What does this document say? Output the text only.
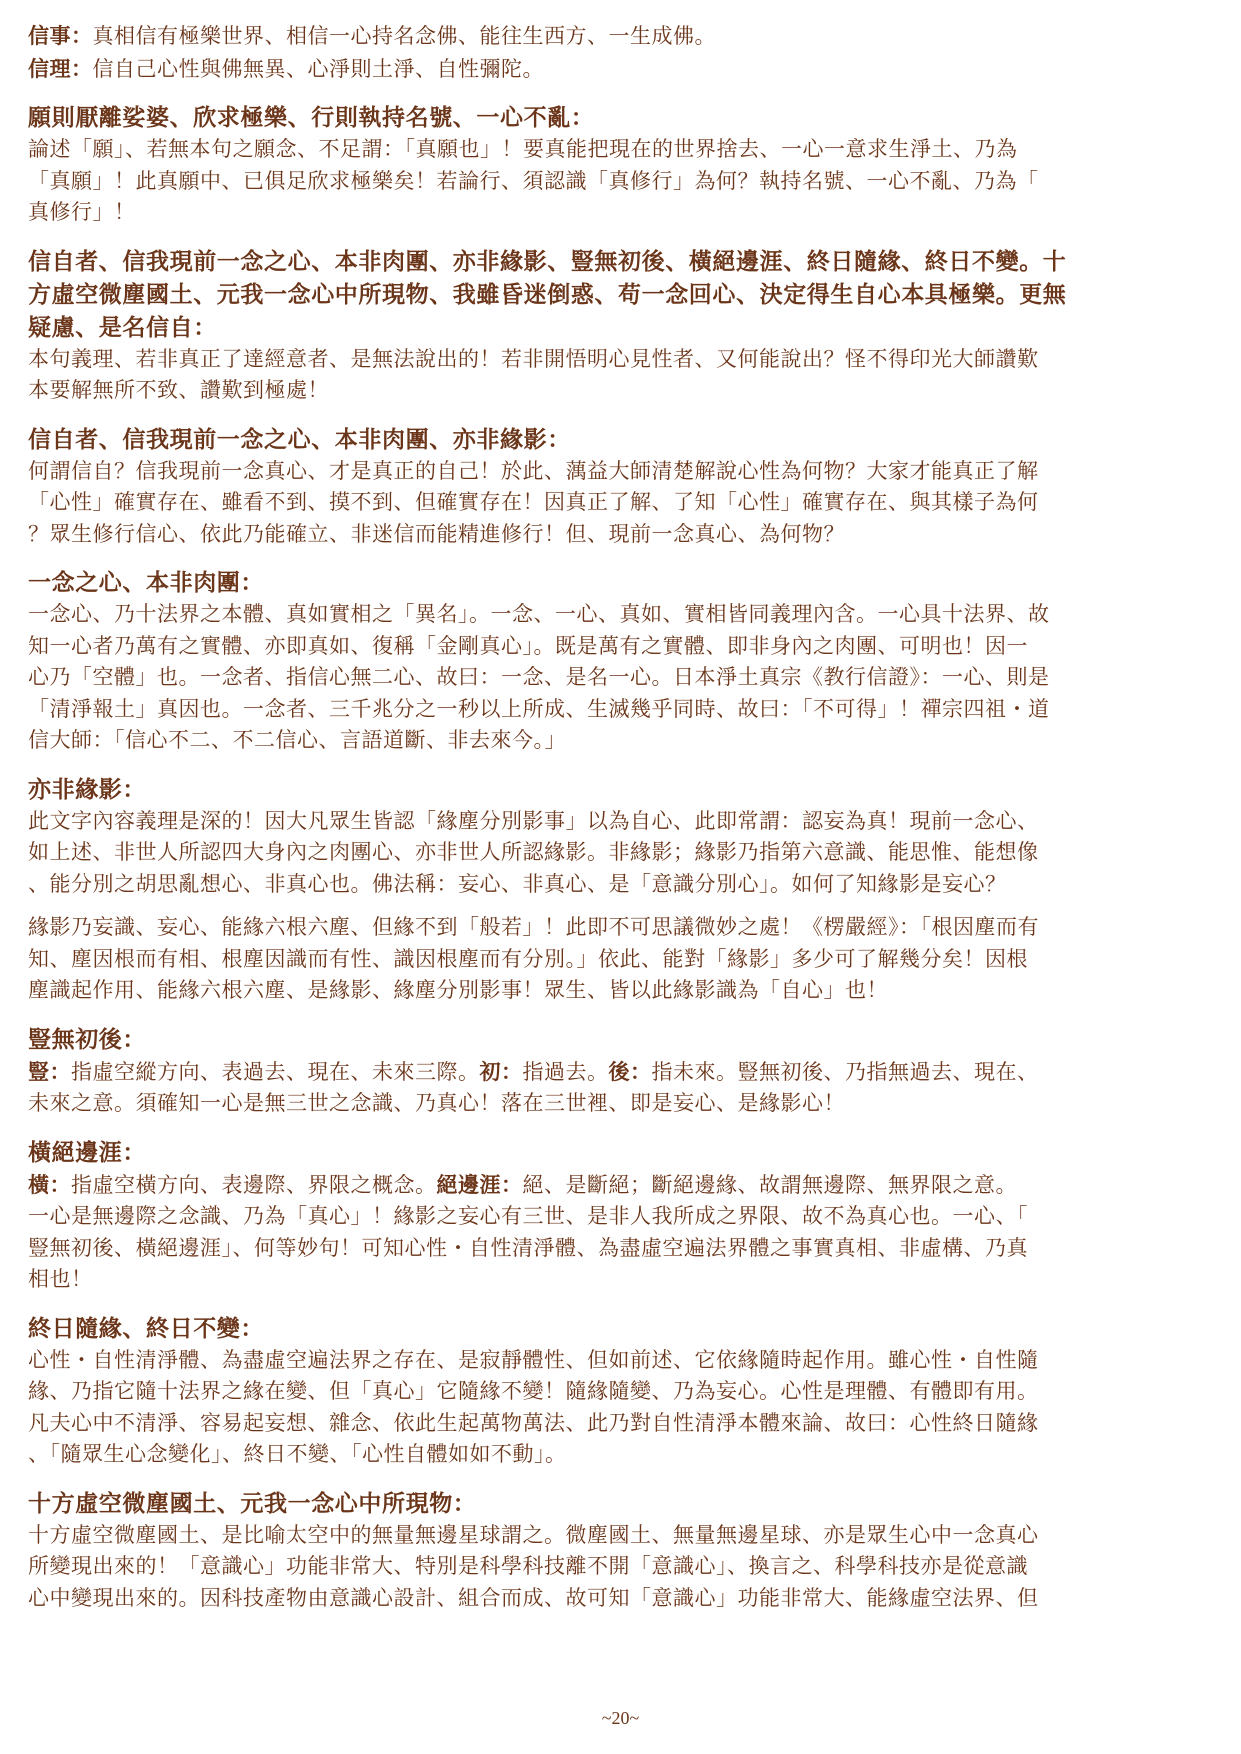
信事：真相信有極樂世界、相信一心持名念佛、能往生西方、一生成佛。
信理：信自己心性與佛無異、心淨則土淨、自性彌陀。
願則厭離娑婆、欣求極樂、行則執持名號、一心不亂：
論述「願」、若無本句之願念、不足謂：「真願也」！要真能把現在的世界捨去、一心一意求生淨土、乃為
「真願」！此真願中、已俱足欣求極樂矣！若論行、須認識「真修行」為何？執持名號、一心不亂、乃為「
真修行」！
信自者、信我現前一念之心、本非肉團、亦非緣影、豎無初後、橫絕邊涯、終日隨緣、終日不變。十
方虛空微塵國土、元我一念心中所現物、我雖昏迷倒惑、苟一念回心、決定得生自心本具極樂。更無
疑慮、是名信自：
本句義理、若非真正了達經意者、是無法說出的！若非開悟明心見性者、又何能說出？怪不得印光大師讚歎
本要解無所不致、讚歎到極處！
信自者、信我現前一念之心、本非肉團、亦非緣影：
何謂信自？信我現前一念真心、才是真正的自己！於此、蕅益大師清楚解說心性為何物？大家才能真正了解
「心性」確實存在、雖看不到、摸不到、但確實存在！因真正了解、了知「心性」確實存在、與其樣子為何
？眾生修行信心、依此乃能確立、非迷信而能精進修行！但、現前一念真心、為何物？
一念之心、本非肉團：
一念心、乃十法界之本體、真如實相之「異名」。一念、一心、真如、實相皆同義理內含。一心具十法界、故
知一心者乃萬有之實體、亦即真如、復稱「金剛真心」。既是萬有之實體、即非身內之肉團、可明也！因一
心乃「空體」也。一念者、指信心無二心、故曰：一念、是名一心。日本淨土真宗《教行信證》：一心、則是
「清淨報土」真因也。一念者、三千兆分之一秒以上所成、生滅幾乎同時、故曰：「不可得」！禪宗四祖・道
信大師：「信心不二、不二信心、言語道斷、非去來今。」
亦非緣影：
此文字內容義理是深的！因大凡眾生皆認「緣塵分別影事」以為自心、此即常謂：認妄為真！現前一念心、
如上述、非世人所認四大身內之肉團心、亦非世人所認緣影。非緣影；緣影乃指第六意識、能思惟、能想像
、能分別之胡思亂想心、非真心也。佛法稱：妄心、非真心、是「意識分別心」。如何了知緣影是妄心？
緣影乃妄識、妄心、能緣六根六塵、但緣不到「般若」！此即不可思議微妙之處！《楞嚴經》：「根因塵而有
知、塵因根而有相、根塵因識而有性、識因根塵而有分別。」依此、能對「緣影」多少可了解幾分矣！因根
塵識起作用、能緣六根六塵、是緣影、緣塵分別影事！眾生、皆以此緣影識為「自心」也！
豎無初後：
豎：指虛空縱方向、表過去、現在、未來三際。初：指過去。後：指未來。豎無初後、乃指無過去、現在、
未來之意。須確知一心是無三世之念識、乃真心！落在三世裡、即是妄心、是緣影心！
橫絕邊涯：
橫：指虛空橫方向、表邊際、界限之概念。絕邊涯：絕、是斷絕；斷絕邊緣、故謂無邊際、無界限之意。
一心是無邊際之念識、乃為「真心」！緣影之妄心有三世、是非人我所成之界限、故不為真心也。一心、「
豎無初後、橫絕邊涯」、何等妙句！可知心性・自性清淨體、為盡虛空遍法界體之事實真相、非虛構、乃真
相也！
終日隨緣、終日不變：
心性・自性清淨體、為盡虛空遍法界之存在、是寂靜體性、但如前述、它依緣隨時起作用。雖心性・自性隨
緣、乃指它隨十法界之緣在變、但「真心」它隨緣不變！隨緣隨變、乃為妄心。心性是理體、有體即有用。
凡夫心中不清淨、容易起妄想、雜念、依此生起萬物萬法、此乃對自性清淨本體來論、故曰：心性終日隨緣
、「隨眾生心念變化」、終日不變、「心性自體如如不動」。
十方虛空微塵國土、元我一念心中所現物：
十方虛空微塵國土、是比喻太空中的無量無邊星球謂之。微塵國土、無量無邊星球、亦是眾生心中一念真心
所變現出來的！「意識心」功能非常大、特別是科學科技離不開「意識心」、換言之、科學科技亦是從意識
心中變現出來的。因科技產物由意識心設計、組合而成、故可知「意識心」功能非常大、能緣虛空法界、但
~20~
